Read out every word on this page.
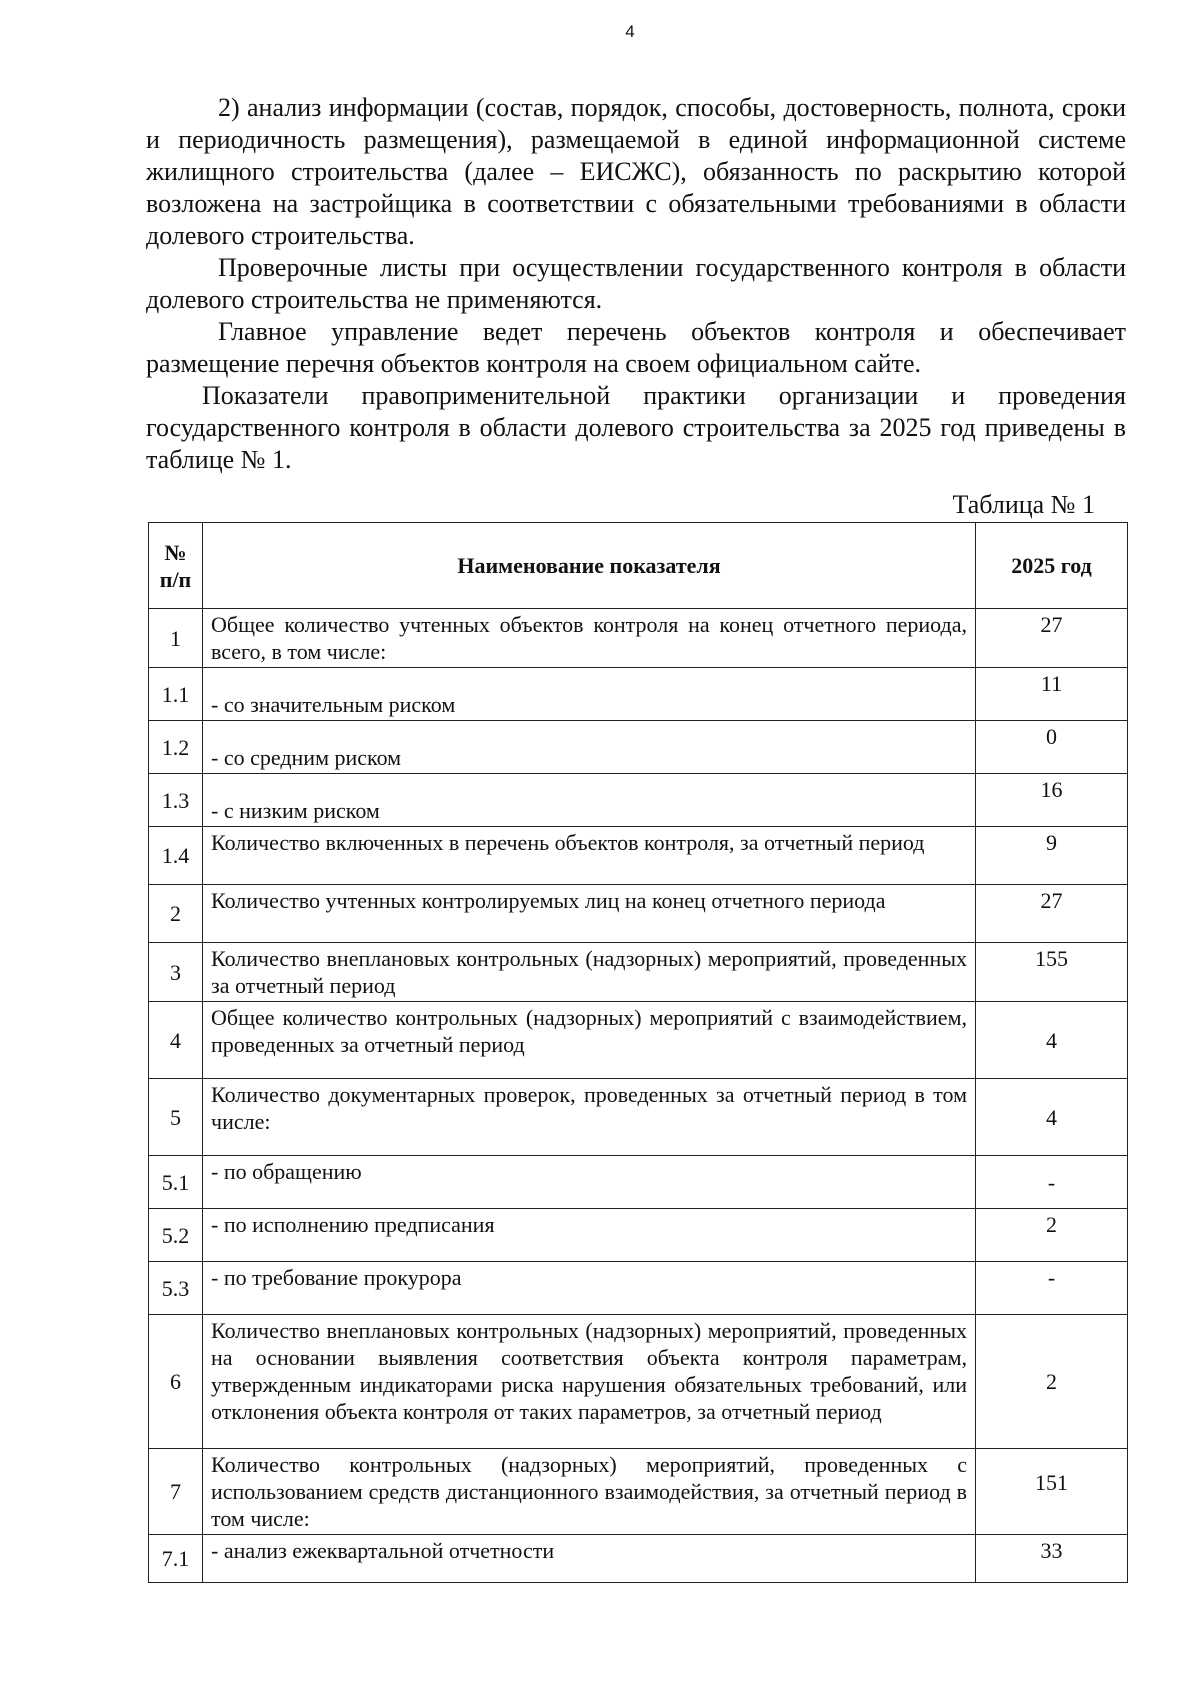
4

2) анализ информации (состав, порядок, способы, достоверность, полнота, сроки и периодичность размещения), размещаемой в единой информационной системе жилищного строительства (далее – ЕИСЖС), обязанность по раскрытию которой возложена на застройщика в соответствии с обязательными требованиями в области долевого строительства.

Проверочные листы при осуществлении государственного контроля в области долевого строительства не применяются.

Главное управление ведет перечень объектов контроля и обеспечивает размещение перечня объектов контроля на своем официальном сайте.

Показатели правоприменительной практики организации и проведения государственного контроля в области долевого строительства за 2025 год приведены в таблице № 1.

Таблица № 1
№ п/п	Наименование показателя	2025 год
1	Общее количество учтенных объектов контроля на конец отчетного периода, всего, в том числе:	27
1.1	- со значительным риском	11
1.2	- со средним риском	0
1.3	- с низким риском	16
1.4	Количество включенных в перечень объектов контроля, за отчетный период	9
2	Количество учтенных контролируемых лиц на конец отчетного периода	27
3	Количество внеплановых контрольных (надзорных) мероприятий, проведенных за отчетный период	155
4	Общее количество контрольных (надзорных) мероприятий с взаимодействием, проведенных за отчетный период	4
5	Количество документарных проверок, проведенных за отчетный период в том числе:	4
5.1	- по обращению	-
5.2	- по исполнению предписания	2
5.3	- по требование прокурора	-
6	Количество внеплановых контрольных (надзорных) мероприятий, проведенных на основании выявления соответствия объекта контроля параметрам, утвержденным индикаторами риска нарушения обязательных требований, или отклонения объекта контроля от таких параметров, за отчетный период	2
7	Количество контрольных (надзорных) мероприятий, проведенных с использованием средств дистанционного взаимодействия, за отчетный период в том числе:	151
7.1	- анализ ежеквартальной отчетности	33
